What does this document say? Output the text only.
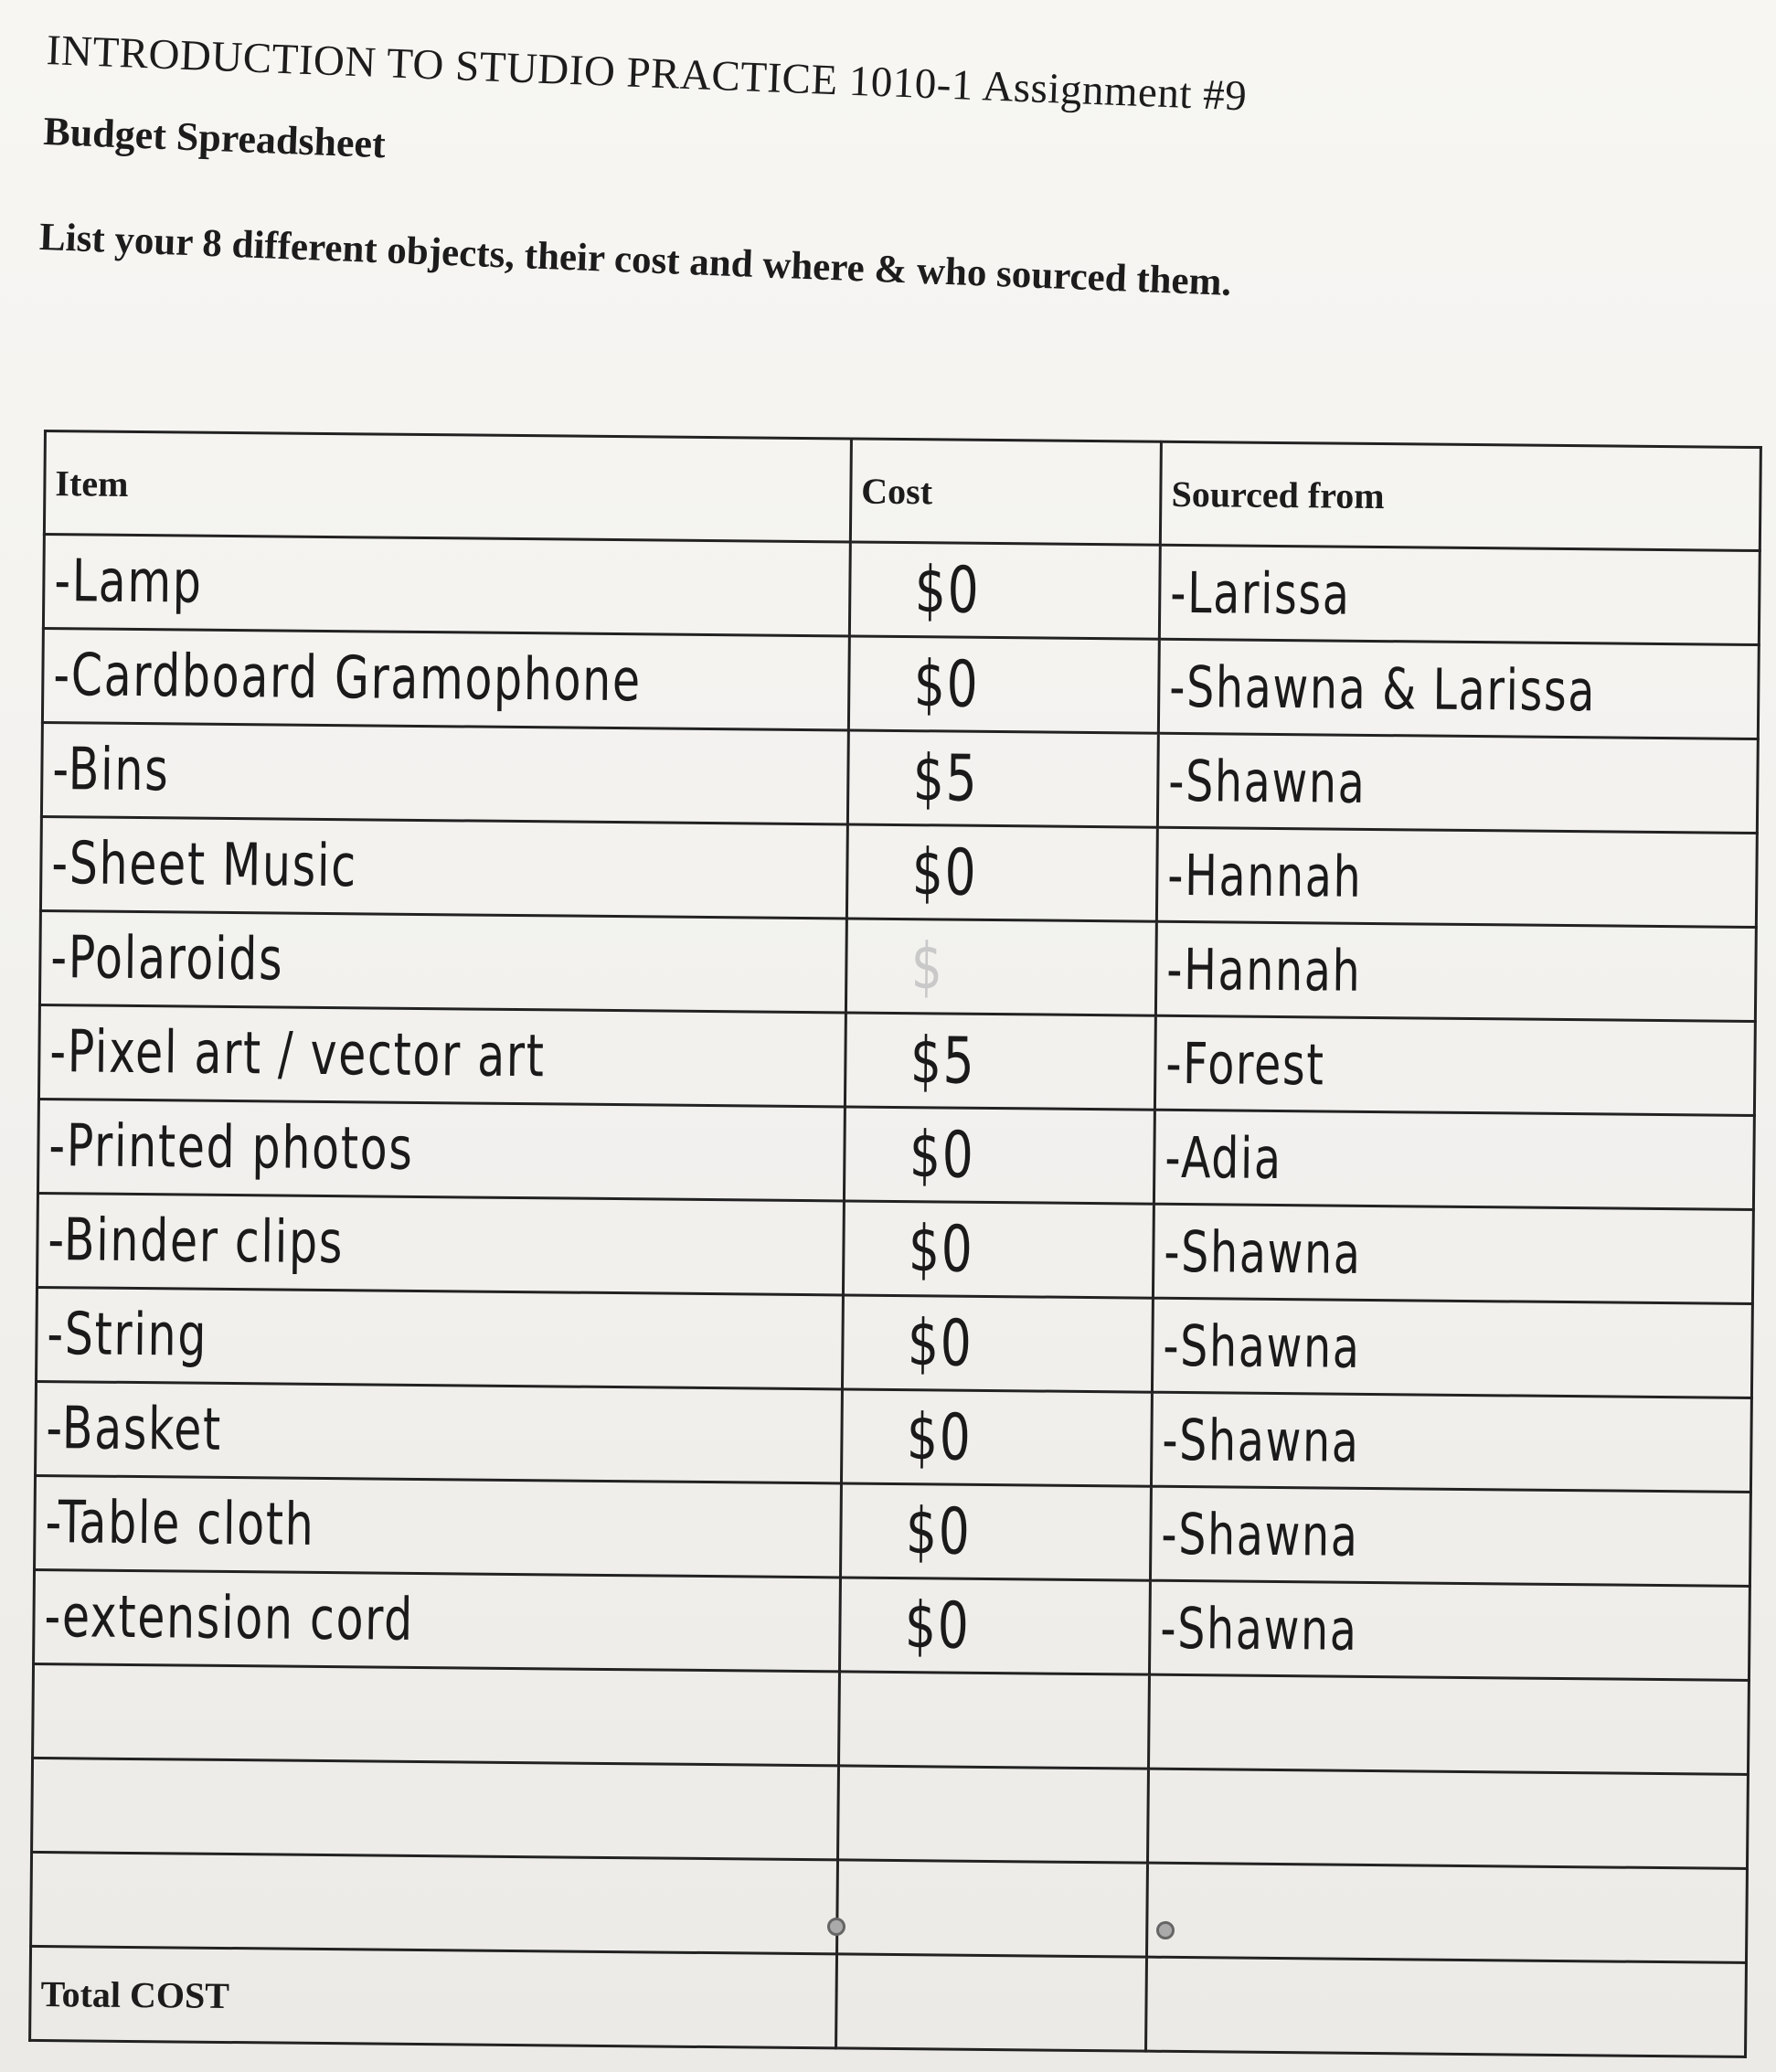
INTRODUCTION TO STUDIO PRACTICE 1010-1 Assignment #9
Budget Spreadsheet
List your 8 different objects, their cost and where & who sourced them.
Item	Cost	Sourced from
-Lamp	$0	-Larissa
-Cardboard Gramophone	$0	-Shawna & Larissa
-Bins	$5	-Shawna
-Sheet Music	$0	-Hannah
-Polaroids	$	-Hannah
-Pixel art / vector art	$5	-Forest
-Printed photos	$0	-Adia
-Binder clips	$0	-Shawna
-String	$0	-Shawna
-Basket	$0	-Shawna
-Table cloth	$0	-Shawna
-extension cord	$0	-Shawna

Total COST		
